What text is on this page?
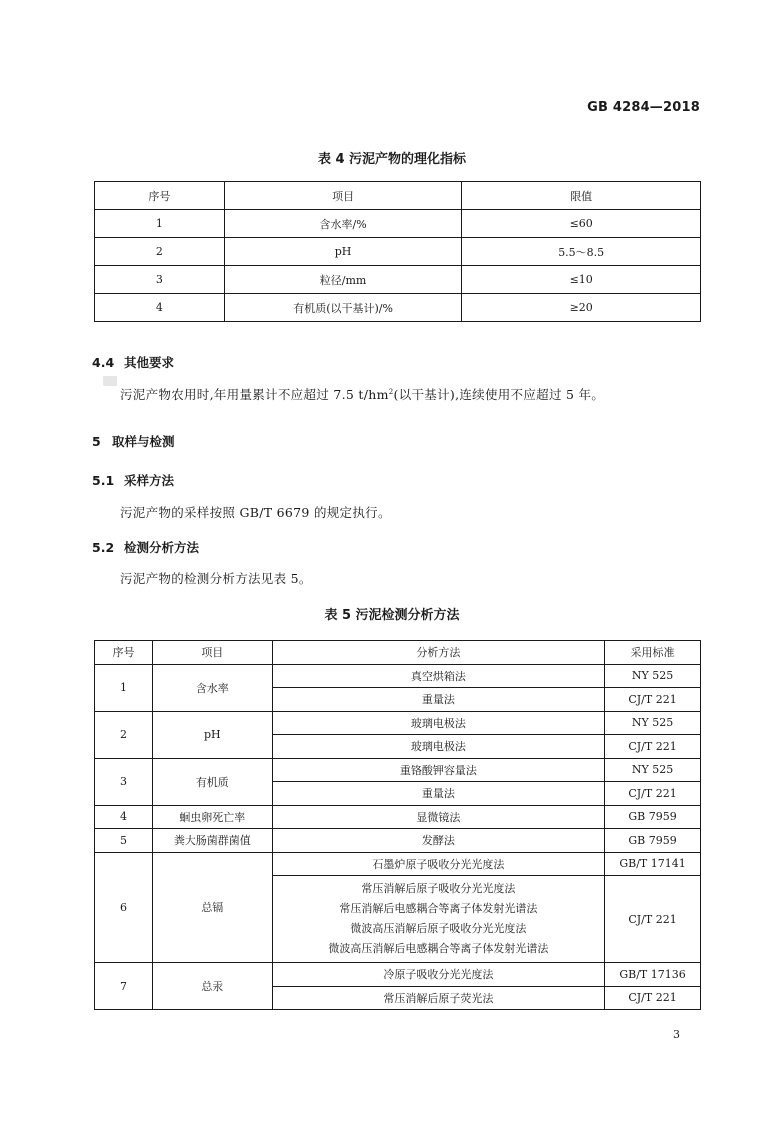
GB 4284—2018
表 4 污泥产物的理化指标
序号	项目	限值
1	含水率/%	≤60
2	pH	5.5～8.5
3	粒径/mm	≤10
4	有机质(以干基计)/%	≥20
4.4 其他要求
污泥产物农用时,年用量累计不应超过 7.5 $t/hm^2$(以干基计),连续使用不应超过 5 年。
5 取样与检测
5.1 采样方法
污泥产物的采样按照 GB/T 6679 的规定执行。
5.2 检测分析方法
污泥产物的检测分析方法见表 5。
表 5 污泥检测分析方法
序号	项目	分析方法	采用标准
1	含水率	真空烘箱法	NY 525
		重量法	CJ/T 221
2	pH	玻璃电极法	NY 525
		玻璃电极法	CJ/T 221
3	有机质	重铬酸钾容量法	NY 525
		重量法	CJ/T 221
4	蛔虫卵死亡率	显微镜法	GB 7959
5	粪大肠菌群菌值	发酵法	GB 7959
6	总镉	石墨炉原子吸收分光光度法	GB/T 17141

		常压消解后原子吸收分光光度法
常压消解后电感耦合等离子体发射光谱法
微波高压消解后原子吸收分光光度法
微波高压消解后电感耦合等离子体发射光谱法	CJ/T 221
7	总汞	冷原子吸收分光光度法	GB/T 17136
		常压消解后原子荧光法	CJ/T 221
3
